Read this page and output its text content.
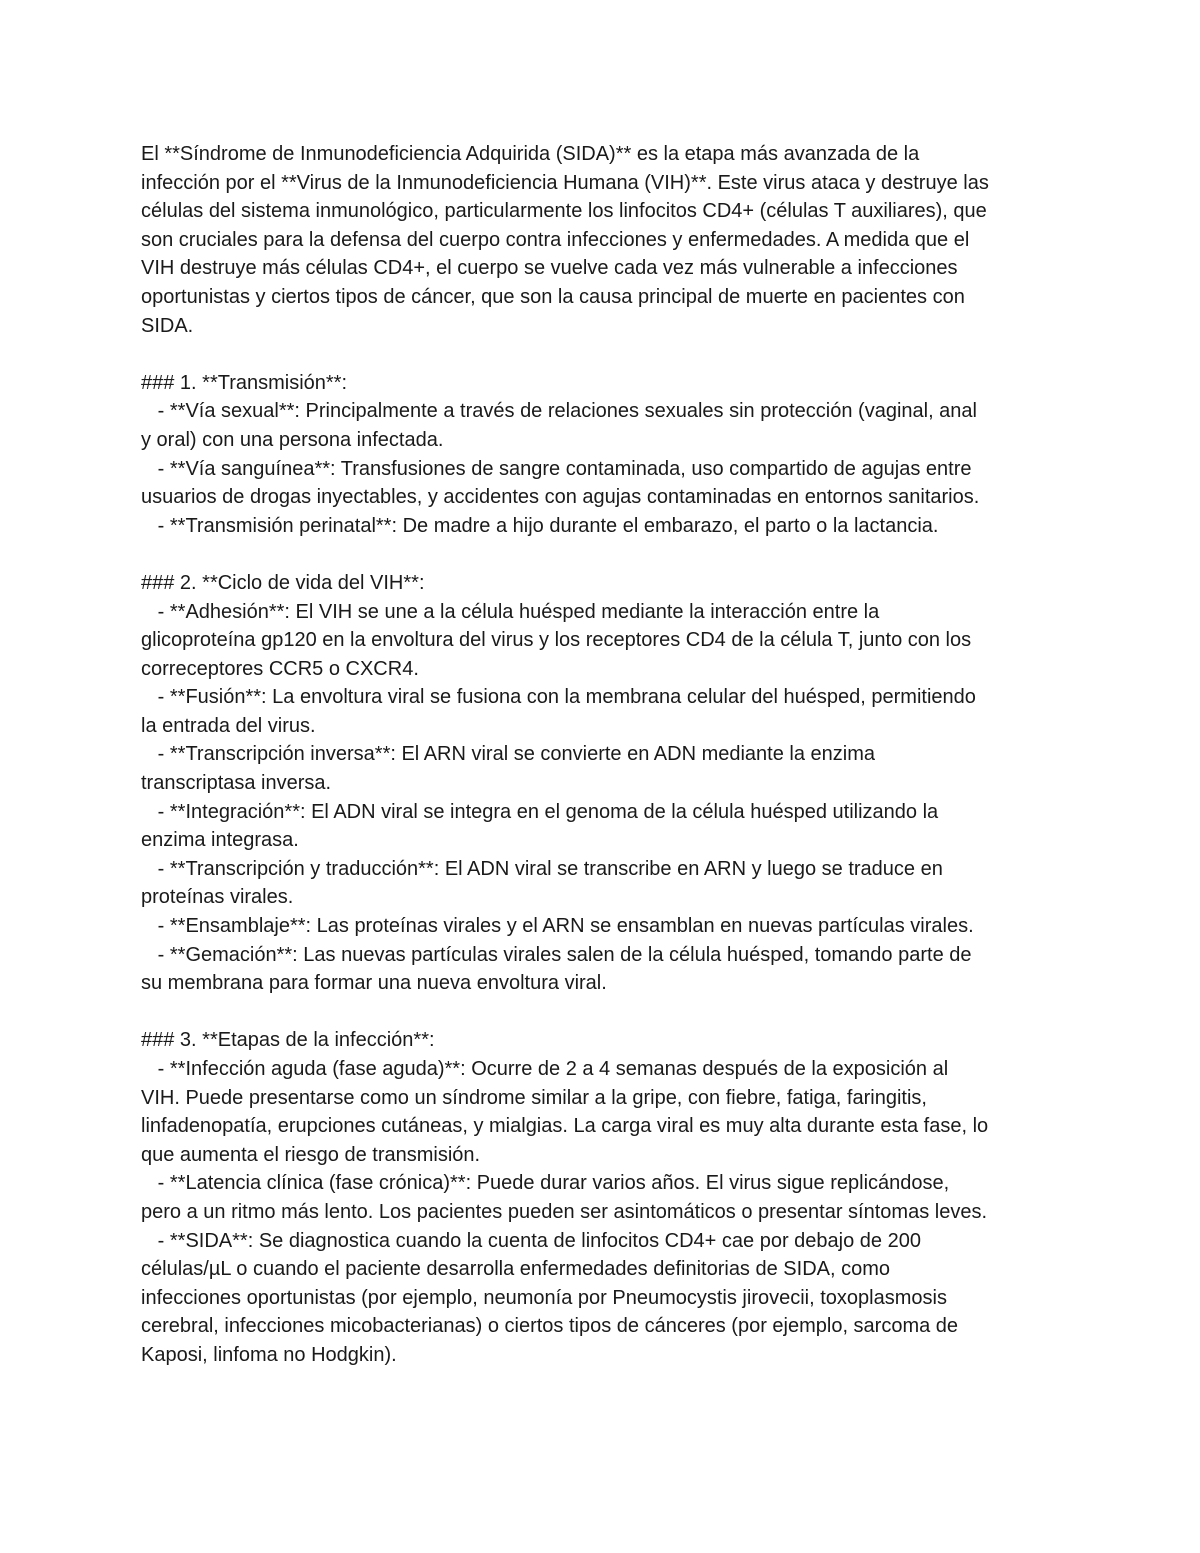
El **Síndrome de Inmunodeficiencia Adquirida (SIDA)** es la etapa más avanzada de la
infección por el **Virus de la Inmunodeficiencia Humana (VIH)**. Este virus ataca y destruye las
células del sistema inmunológico, particularmente los linfocitos CD4+ (células T auxiliares), que
son cruciales para la defensa del cuerpo contra infecciones y enfermedades. A medida que el
VIH destruye más células CD4+, el cuerpo se vuelve cada vez más vulnerable a infecciones
oportunistas y ciertos tipos de cáncer, que son la causa principal de muerte en pacientes con
SIDA.
### 1. **Transmisión**:
- **Vía sexual**: Principalmente a través de relaciones sexuales sin protección (vaginal, anal
y oral) con una persona infectada.
- **Vía sanguínea**: Transfusiones de sangre contaminada, uso compartido de agujas entre
usuarios de drogas inyectables, y accidentes con agujas contaminadas en entornos sanitarios.
- **Transmisión perinatal**: De madre a hijo durante el embarazo, el parto o la lactancia.
### 2. **Ciclo de vida del VIH**:
- **Adhesión**: El VIH se une a la célula huésped mediante la interacción entre la
glicoproteína gp120 en la envoltura del virus y los receptores CD4 de la célula T, junto con los
correceptores CCR5 o CXCR4.
- **Fusión**: La envoltura viral se fusiona con la membrana celular del huésped, permitiendo
la entrada del virus.
- **Transcripción inversa**: El ARN viral se convierte en ADN mediante la enzima
transcriptasa inversa.
- **Integración**: El ADN viral se integra en el genoma de la célula huésped utilizando la
enzima integrasa.
- **Transcripción y traducción**: El ADN viral se transcribe en ARN y luego se traduce en
proteínas virales.
- **Ensamblaje**: Las proteínas virales y el ARN se ensamblan en nuevas partículas virales.
- **Gemación**: Las nuevas partículas virales salen de la célula huésped, tomando parte de
su membrana para formar una nueva envoltura viral.
### 3. **Etapas de la infección**:
- **Infección aguda (fase aguda)**: Ocurre de 2 a 4 semanas después de la exposición al
VIH. Puede presentarse como un síndrome similar a la gripe, con fiebre, fatiga, faringitis,
linfadenopatía, erupciones cutáneas, y mialgias. La carga viral es muy alta durante esta fase, lo
que aumenta el riesgo de transmisión.
- **Latencia clínica (fase crónica)**: Puede durar varios años. El virus sigue replicándose,
pero a un ritmo más lento. Los pacientes pueden ser asintomáticos o presentar síntomas leves.
- **SIDA**: Se diagnostica cuando la cuenta de linfocitos CD4+ cae por debajo de 200
células/µL o cuando el paciente desarrolla enfermedades definitorias de SIDA, como
infecciones oportunistas (por ejemplo, neumonía por Pneumocystis jirovecii, toxoplasmosis
cerebral, infecciones micobacterianas) o ciertos tipos de cánceres (por ejemplo, sarcoma de
Kaposi, linfoma no Hodgkin).
